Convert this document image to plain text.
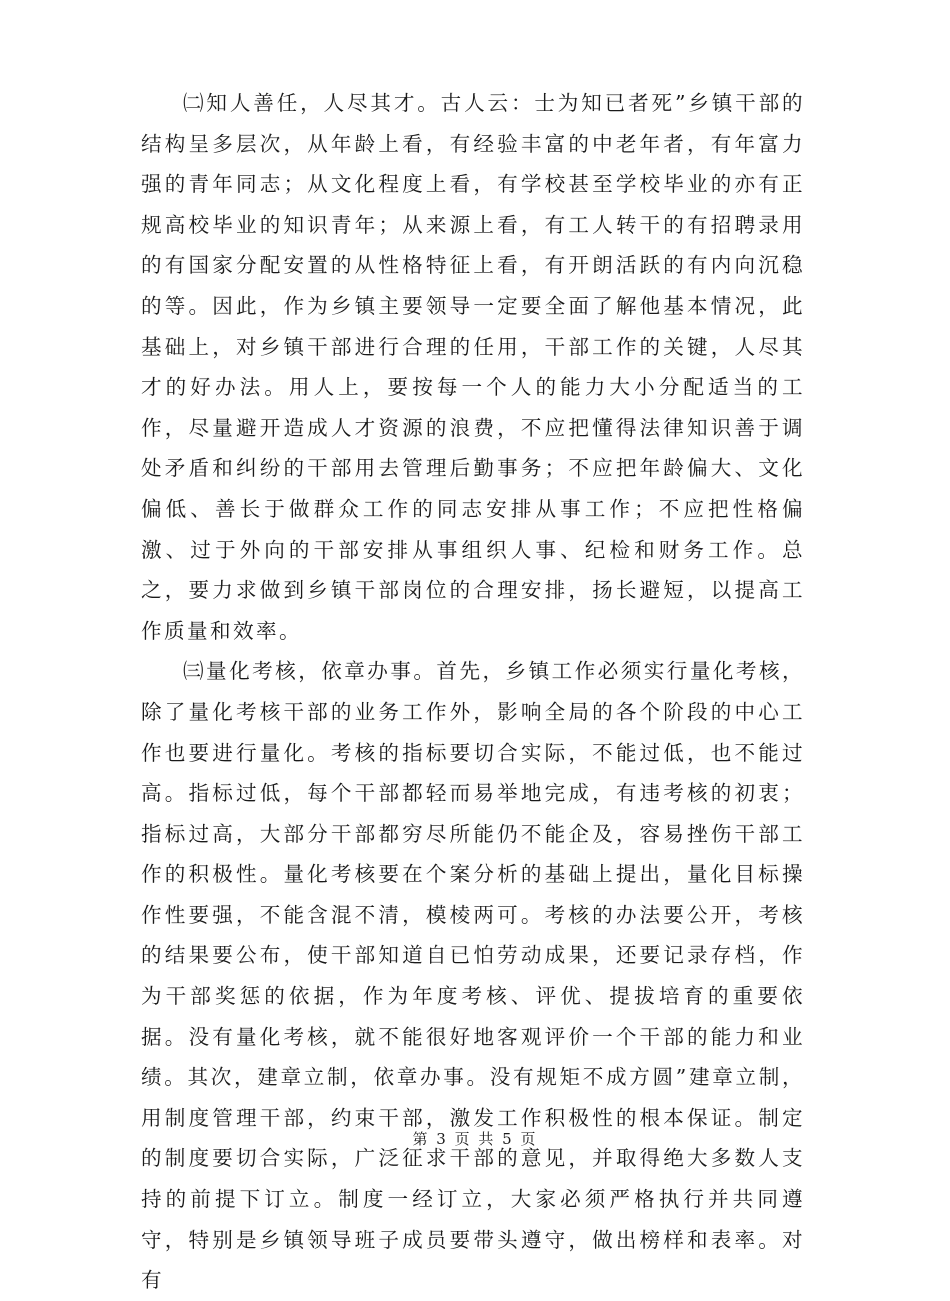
㈡知人善任，人尽其才。古人云：士为知已者死”乡镇干部的结构呈多层次，从年龄上看，有经验丰富的中老年者，有年富力强的青年同志；从文化程度上看，有学校甚至学校毕业的亦有正规高校毕业的知识青年；从来源上看，有工人转干的有招聘录用的有国家分配安置的从性格特征上看，有开朗活跃的有内向沉稳的等。因此，作为乡镇主要领导一定要全面了解他基本情况，此基础上，对乡镇干部进行合理的任用，干部工作的关键，人尽其才的好办法。用人上，要按每一个人的能力大小分配适当的工作，尽量避开造成人才资源的浪费，不应把懂得法律知识善于调处矛盾和纠纷的干部用去管理后勤事务；不应把年龄偏大、文化偏低、善长于做群众工作的同志安排从事工作；不应把性格偏激、过于外向的干部安排从事组织人事、纪检和财务工作。总之，要力求做到乡镇干部岗位的合理安排，扬长避短，以提高工作质量和效率。

㈢量化考核，依章办事。首先，乡镇工作必须实行量化考核，除了量化考核干部的业务工作外，影响全局的各个阶段的中心工作也要进行量化。考核的指标要切合实际，不能过低，也不能过高。指标过低，每个干部都轻而易举地完成，有违考核的初衷；指标过高，大部分干部都穷尽所能仍不能企及，容易挫伤干部工作的积极性。量化考核要在个案分析的基础上提出，量化目标操作性要强，不能含混不清，模棱两可。考核的办法要公开，考核的结果要公布，使干部知道自已怕劳动成果，还要记录存档，作为干部奖惩的依据，作为年度考核、评优、提拔培育的重要依据。没有量化考核，就不能很好地客观评价一个干部的能力和业绩。其次，建章立制，依章办事。没有规矩不成方圆”建章立制，用制度管理干部，约束干部，激发工作积极性的根本保证。制定的制度要切合实际，广泛征求干部的意见，并取得绝大多数人支持的前提下订立。制度一经订立，大家必须严格执行并共同遵守，特别是乡镇领导班子成员要带头遵守，做出榜样和表率。对有

第 3 页 共 5 页
